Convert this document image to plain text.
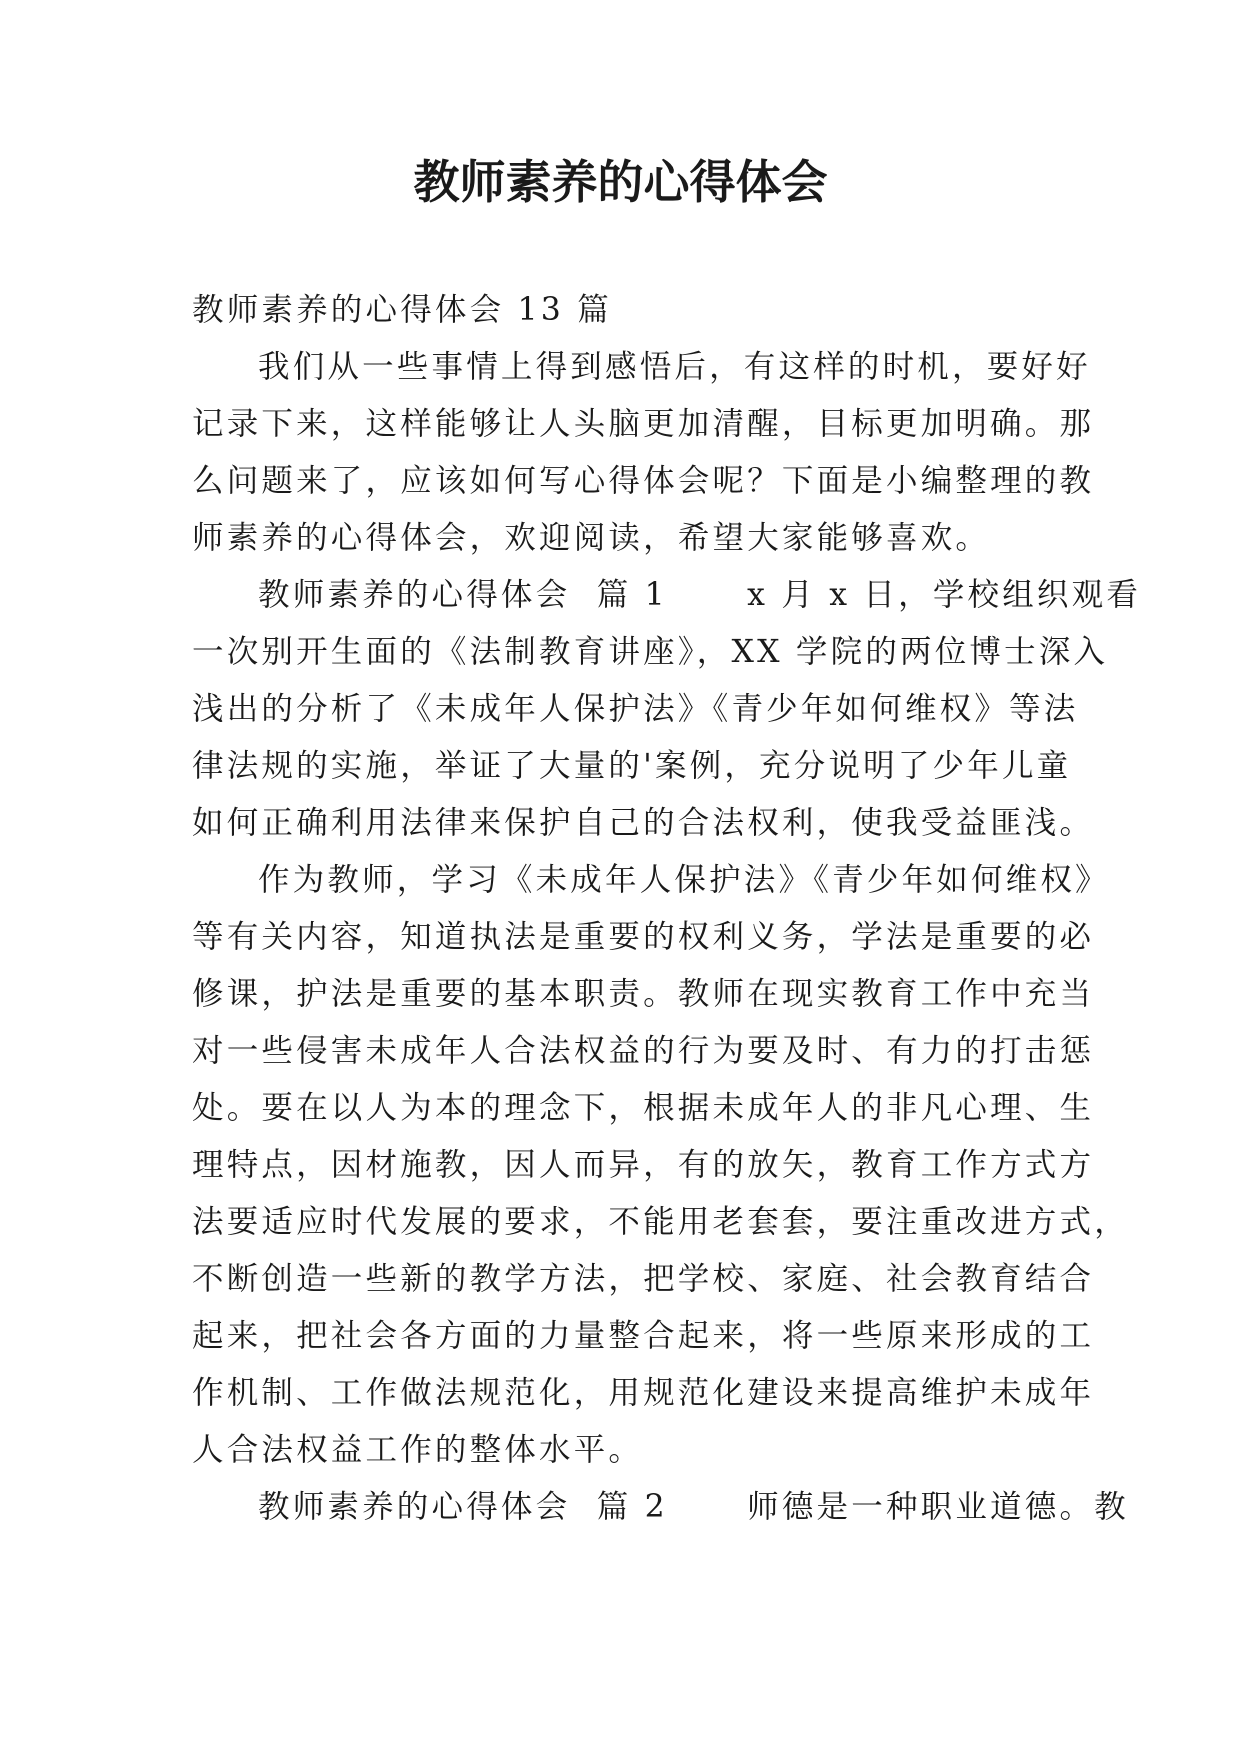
教师素养的心得体会
教师素养的心得体会 13 篇
我们从一些事情上得到感悟后，有这样的时机，要好好
记录下来，这样能够让人头脑更加清醒，目标更加明确。那
么问题来了，应该如何写心得体会呢？下面是小编整理的教
师素养的心得体会，欢迎阅读，希望大家能够喜欢。
教师素养的心得体会  篇 1      x 月 x 日，学校组织观看
一次别开生面的《法制教育讲座》，XX 学院的两位博士深入
浅出的分析了《未成年人保护法》《青少年如何维权》等法
律法规的实施，举证了大量的'案例，充分说明了少年儿童
如何正确利用法律来保护自己的合法权利，使我受益匪浅。
作为教师，学习《未成年人保护法》《青少年如何维权》
等有关内容，知道执法是重要的权利义务，学法是重要的必
修课，护法是重要的基本职责。教师在现实教育工作中充当
对一些侵害未成年人合法权益的行为要及时、有力的打击惩
处。要在以人为本的理念下，根据未成年人的非凡心理、生
理特点，因材施教，因人而异，有的放矢，教育工作方式方
法要适应时代发展的要求，不能用老套套，要注重改进方式，
不断创造一些新的教学方法，把学校、家庭、社会教育结合
起来，把社会各方面的力量整合起来，将一些原来形成的工
作机制、工作做法规范化，用规范化建设来提高维护未成年
人合法权益工作的整体水平。
教师素养的心得体会  篇 2      师德是一种职业道德。教
